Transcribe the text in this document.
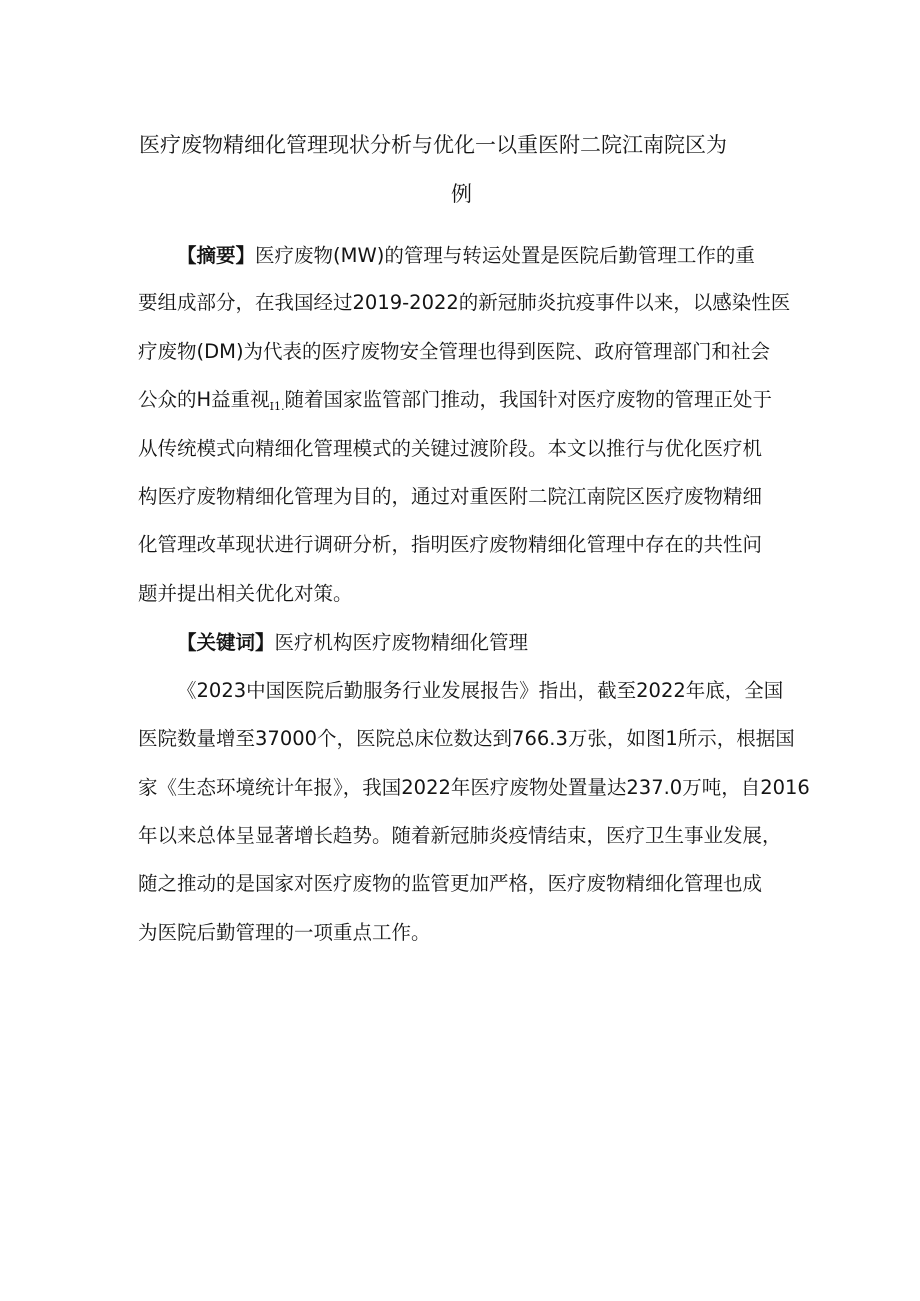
医疗废物精细化管理现状分析与优化一以重医附二院江南院区为
例
【摘要】医疗废物(MW)的管理与转运处置是医院后勤管理工作的重
要组成部分，在我国经过2019-2022的新冠肺炎抗疫事件以来，以感染性医
疗废物(DM)为代表的医疗废物安全管理也得到医院、政府管理部门和社会
公众的H益重视$_{I1.}$随着国家监管部门推动，我国针对医疗废物的管理正处于
从传统模式向精细化管理模式的关键过渡阶段。本文以推行与优化医疗机
构医疗废物精细化管理为目的，通过对重医附二院江南院区医疗废物精细
化管理改革现状进行调研分析，指明医疗废物精细化管理中存在的共性问
题并提出相关优化对策。
【关键词】医疗机构医疗废物精细化管理
《2023中国医院后勤服务行业发展报告》指出，截至2022年底，全国
医院数量增至37000个，医院总床位数达到766.3万张，如图1所示，根据国
家《生态环境统计年报》，我国2022年医疗废物处置量达237.0万吨，自2016
年以来总体呈显著增长趋势。随着新冠肺炎疫情结束，医疗卫生事业发展，
随之推动的是国家对医疗废物的监管更加严格，医疗废物精细化管理也成
为医院后勤管理的一项重点工作。
